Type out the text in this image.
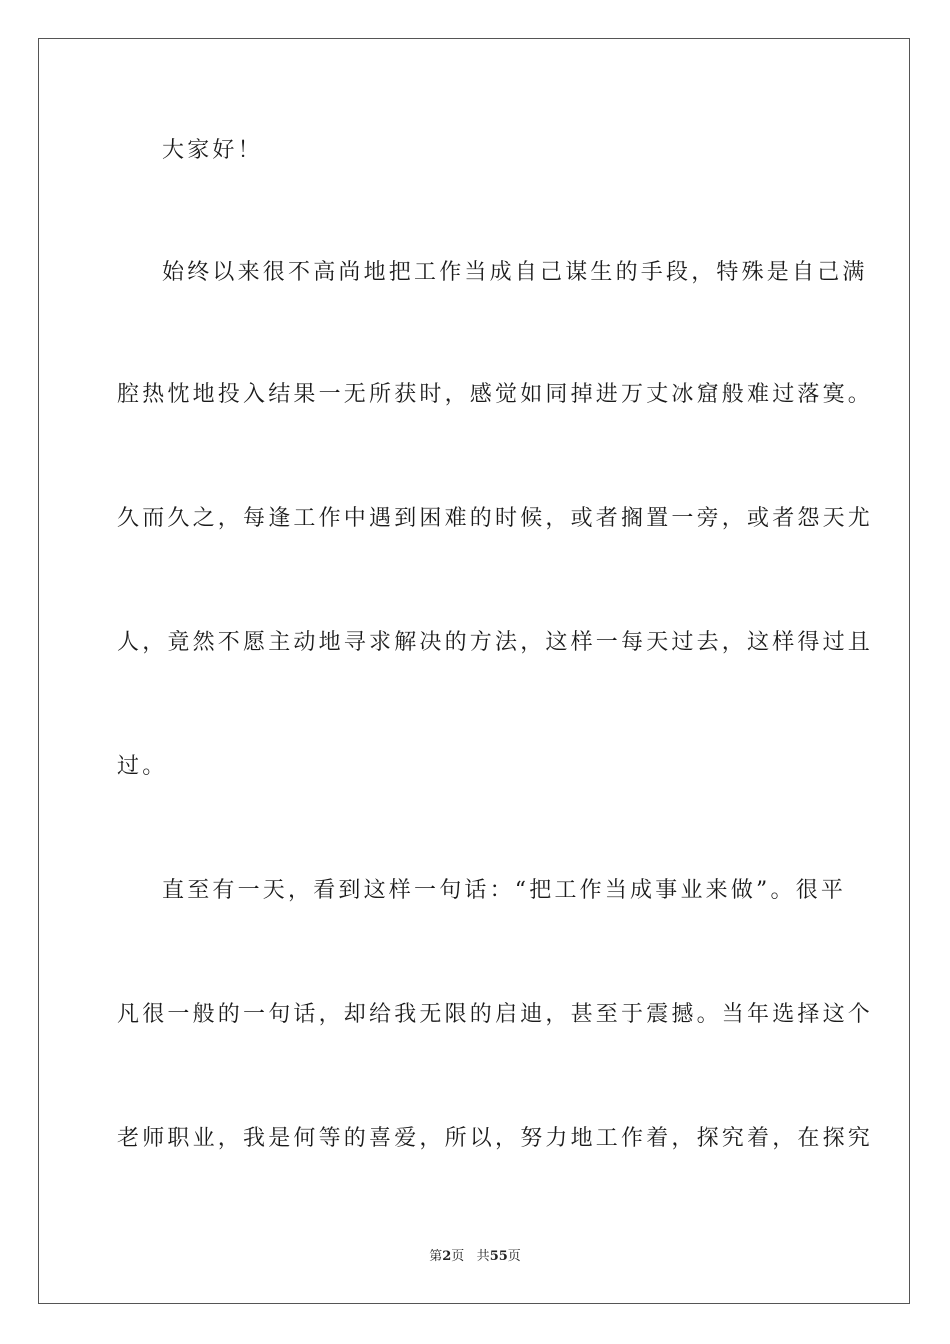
大家好！
始终以来很不高尚地把工作当成自己谋生的手段，特殊是自己满
腔热忱地投入结果一无所获时，感觉如同掉进万丈冰窟般难过落寞。
久而久之，每逢工作中遇到困难的时候，或者搁置一旁，或者怨天尤
人，竟然不愿主动地寻求解决的方法，这样一每天过去，这样得过且
过。
直至有一天，看到这样一句话：“把工作当成事业来做”。很平
凡很一般的一句话，却给我无限的启迪，甚至于震撼。当年选择这个
老师职业，我是何等的喜爱，所以，努力地工作着，探究着，在探究
第2页 共55页
